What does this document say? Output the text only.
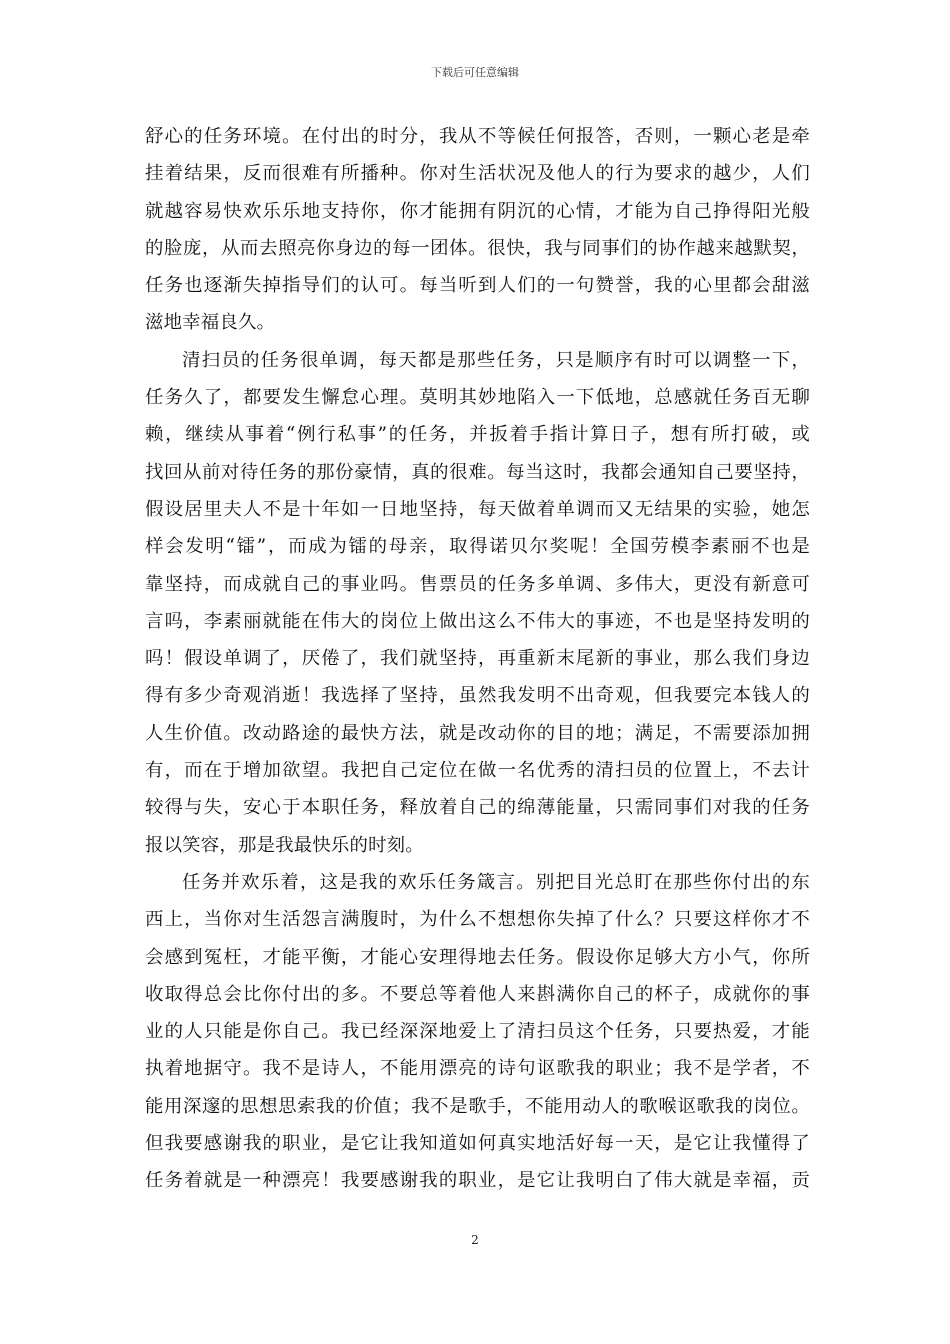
下载后可任意编辑
舒心的任务环境。在付出的时分，我从不等候任何报答，否则，一颗心老是牵
挂着结果，反而很难有所播种。你对生活状况及他人的行为要求的越少，人们
就越容易快欢乐乐地支持你，你才能拥有阴沉的心情，才能为自己挣得阳光般
的脸庞，从而去照亮你身边的每一团体。很快，我与同事们的协作越来越默契，
任务也逐渐失掉指导们的认可。每当听到人们的一句赞誉，我的心里都会甜滋
滋地幸福良久。
清扫员的任务很单调，每天都是那些任务，只是顺序有时可以调整一下，
任务久了，都要发生懈怠心理。莫明其妙地陷入一下低地，总感就任务百无聊
赖，继续从事着“例行私事”的任务，并扳着手指计算日子，想有所打破，或
找回从前对待任务的那份豪情，真的很难。每当这时，我都会通知自己要坚持，
假设居里夫人不是十年如一日地坚持，每天做着单调而又无结果的实验，她怎
样会发明“镭”，而成为镭的母亲，取得诺贝尔奖呢！全国劳模李素丽不也是
靠坚持，而成就自己的事业吗。售票员的任务多单调、多伟大，更没有新意可
言吗，李素丽就能在伟大的岗位上做出这么不伟大的事迹，不也是坚持发明的
吗！假设单调了，厌倦了，我们就坚持，再重新末尾新的事业，那么我们身边
得有多少奇观消逝！我选择了坚持，虽然我发明不出奇观，但我要完本钱人的
人生价值。改动路途的最快方法，就是改动你的目的地；满足，不需要添加拥
有，而在于增加欲望。我把自己定位在做一名优秀的清扫员的位置上，不去计
较得与失，安心于本职任务，释放着自己的绵薄能量，只需同事们对我的任务
报以笑容，那是我最快乐的时刻。
任务并欢乐着，这是我的欢乐任务箴言。别把目光总盯在那些你付出的东
西上，当你对生活怨言满腹时，为什么不想想你失掉了什么？只要这样你才不
会感到冤枉，才能平衡，才能心安理得地去任务。假设你足够大方小气，你所
收取得总会比你付出的多。不要总等着他人来斟满你自己的杯子，成就你的事
业的人只能是你自己。我已经深深地爱上了清扫员这个任务，只要热爱，才能
执着地据守。我不是诗人，不能用漂亮的诗句讴歌我的职业；我不是学者，不
能用深邃的思想思索我的价值；我不是歌手，不能用动人的歌喉讴歌我的岗位。
但我要感谢我的职业，是它让我知道如何真实地活好每一天，是它让我懂得了
任务着就是一种漂亮！我要感谢我的职业，是它让我明白了伟大就是幸福，贡
2
